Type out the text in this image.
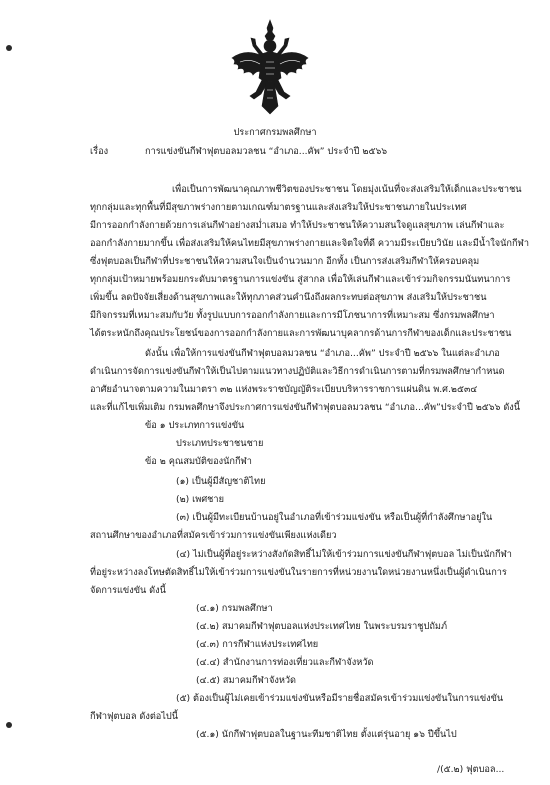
ประกาศกรมพลศึกษา
เรื่อง	การแข่งขันกีฬาฟุตบอลมวลชน “อำเภอ...คัพ” ประจำปี ๒๕๖๖
เพื่อเป็นการพัฒนาคุณภาพชีวิตของประชาชน โดยมุ่งเน้นที่จะส่งเสริมให้เด็กและประชาชน
ทุกกลุ่มและทุกพื้นที่มีสุขภาพร่างกายตามเกณฑ์มาตรฐานและส่งเสริมให้ประชาชนภายในประเทศ
มีการออกกำลังกายด้วยการเล่นกีฬาอย่างสม่ำเสมอ ทำให้ประชาชนให้ความสนใจดูแลสุขภาพ เล่นกีฬาและ
ออกกำลังกายมากขึ้น เพื่อส่งเสริมให้คนไทยมีสุขภาพร่างกายและจิตใจที่ดี ความมีระเบียบวินัย และมีน้ำใจนักกีฬา
ซึ่งฟุตบอลเป็นกีฬาที่ประชาชนให้ความสนใจเป็นจำนวนมาก อีกทั้ง เป็นการส่งเสริมกีฬาให้ครอบคลุม
ทุกกลุ่มเป้าหมายพร้อมยกระดับมาตรฐานการแข่งขัน สู่สากล เพื่อให้เล่นกีฬาและเข้าร่วมกิจกรรมนันทนาการ
เพิ่มขึ้น ลดปัจจัยเสี่ยงด้านสุขภาพและให้ทุกภาคส่วนคำนึงถึงผลกระทบต่อสุขภาพ ส่งเสริมให้ประชาชน
มีกิจกรรมที่เหมาะสมกับวัย ทั้งรูปแบบการออกกำลังกายและการมีโภชนาการที่เหมาะสม ซึ่งกรมพลศึกษา
ได้ตระหนักถึงคุณประโยชน์ของการออกกำลังกายและการพัฒนาบุคลากรด้านการกีฬาของเด็กและประชาชน
ดังนั้น เพื่อให้การแข่งขันกีฬาฟุตบอลมวลชน “อำเภอ...คัพ” ประจำปี ๒๕๖๖ ในแต่ละอำเภอ
ดำเนินการจัดการแข่งขันกีฬาให้เป็นไปตามแนวทางปฏิบัติและวิธีการดำเนินการตามที่กรมพลศึกษากำหนด
อาศัยอำนาจตามความในมาตรา ๓๒ แห่งพระราชบัญญัติระเบียบบริหารราชการแผ่นดิน พ.ศ.๒๕๓๔
และที่แก้ไขเพิ่มเติม กรมพลศึกษาจึงประกาศการแข่งขันกีฬาฟุตบอลมวลชน “อำเภอ...คัพ”ประจำปี ๒๕๖๖ ดังนี้
ข้อ ๑ ประเภทการแข่งขัน
ประเภทประชาชนชาย
ข้อ ๒ คุณสมบัติของนักกีฬา
(๑) เป็นผู้มีสัญชาติไทย
(๒) เพศชาย
(๓) เป็นผู้มีทะเบียนบ้านอยู่ในอำเภอที่เข้าร่วมแข่งขัน หรือเป็นผู้ที่กำลังศึกษาอยู่ใน
สถานศึกษาของอำเภอที่สมัครเข้าร่วมการแข่งขันเพียงแห่งเดียว
(๔) ไม่เป็นผู้ที่อยู่ระหว่างสังกัดสิทธิ์ไม่ให้เข้าร่วมการแข่งขันกีฬาฟุตบอล ไม่เป็นนักกีฬา
ที่อยู่ระหว่างลงโทษตัดสิทธิ์ไม่ให้เข้าร่วมการแข่งขันในรายการที่หน่วยงานใดหน่วยงานหนึ่งเป็นผู้ดำเนินการ
จัดการแข่งขัน ดังนี้
(๔.๑) กรมพลศึกษา
(๔.๒) สมาคมกีฬาฟุตบอลแห่งประเทศไทย ในพระบรมราชูปถัมภ์
(๔.๓) การกีฬาแห่งประเทศไทย
(๔.๔) สำนักงานการท่องเที่ยวและกีฬาจังหวัด
(๔.๕) สมาคมกีฬาจังหวัด
(๕) ต้องเป็นผู้ไม่เคยเข้าร่วมแข่งขันหรือมีรายชื่อสมัครเข้าร่วมแข่งขันในการแข่งขัน
กีฬาฟุตบอล ดังต่อไปนี้
(๕.๑) นักกีฬาฟุตบอลในฐานะทีมชาติไทย ตั้งแต่รุ่นอายุ ๑๖ ปีขึ้นไป
/(๕.๒) ฟุตบอล...
